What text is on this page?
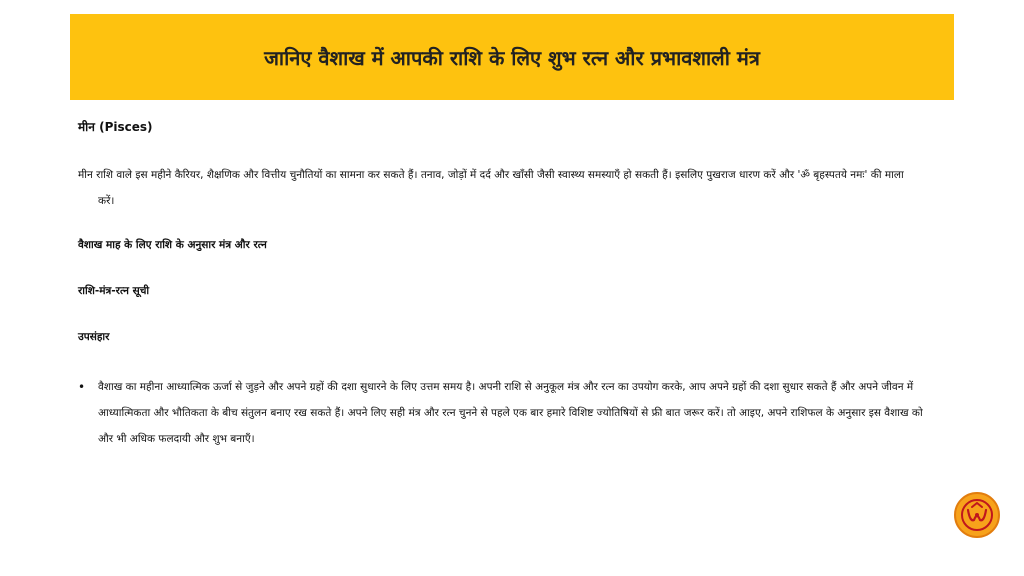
जानिए वैशाख में आपकी राशि के लिए शुभ रत्न और प्रभावशाली मंत्र
मीन (Pisces)
मीन राशि वाले इस महीने कैरियर, शैक्षणिक और वित्तीय चुनौतियों का सामना कर सकते हैं। तनाव, जोड़ों में दर्द और खाँसी जैसी स्वास्थ्य समस्याएँ हो सकती हैं। इसलिए पुखराज धारण करें और 'ॐ बृहस्पतये नमः' की माला
करें।
वैशाख माह के लिए राशि के अनुसार मंत्र और रत्न
राशि-मंत्र-रत्न सूची
उपसंहार
• वैशाख का महीना आध्यात्मिक ऊर्जा से जुड़ने और अपने ग्रहों की दशा सुधारने के लिए उत्तम समय है। अपनी राशि से अनुकूल मंत्र और रत्न का उपयोग करके, आप अपने ग्रहों की दशा सुधार सकते हैं और अपने जीवन में आध्यात्मिकता और भौतिकता के बीच संतुलन बनाए रख सकते हैं। अपने लिए सही मंत्र और रत्न चुनने से पहले एक बार हमारे विशिष्ट ज्योतिषियों से फ्री बात जरूर करें। तो आइए, अपने राशिफल के अनुसार इस वैशाख को और भी अधिक फलदायी और शुभ बनाएँ।
